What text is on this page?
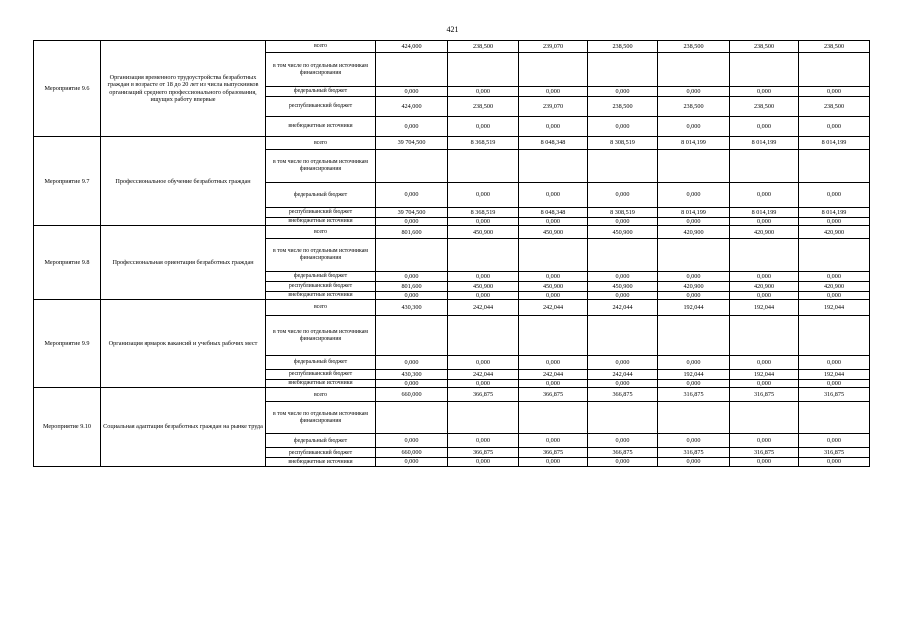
421
Мероприятие 9.6	Организация временного трудоустройства безработных граждан в возрасте от 18 до 20 лет из числа выпускников организаций среднего профессионального образования, ищущих работу впервые	всего	424,000	238,500	239,070	238,500	238,500	238,500	238,500
		в том числе по отдельным источникам финансирования							
		федеральный бюджет	0,000	0,000	0,000	0,000	0,000	0,000	0,000
		республиканский бюджет	424,000	238,500	239,070	238,500	238,500	238,500	238,500
		внебюджетные источники	0,000	0,000	0,000	0,000	0,000	0,000	0,000
Мероприятие 9.7	Профессиональное обучение безработных граждан	всего	39 704,500	8 368,519	8 048,348	8 308,519	8 014,199	8 014,199	8 014,199
		в том числе по отдельным источникам финансирования							
		федеральный бюджет	0,000	0,000	0,000	0,000	0,000	0,000	0,000
		республиканский бюджет	39 704,500	8 368,519	8 048,348	8 308,519	8 014,199	8 014,199	8 014,199
		внебюджетные источники	0,000	0,000	0,000	0,000	0,000	0,000	0,000
Мероприятие 9.8	Профессиональная ориентация безработных граждан	всего	801,600	450,900	450,900	450,900	420,900	420,900	420,900
		в том числе по отдельным источникам финансирования							
		федеральный бюджет	0,000	0,000	0,000	0,000	0,000	0,000	0,000
		республиканский бюджет	801,600	450,900	450,900	450,900	420,900	420,900	420,900
		внебюджетные источники	0,000	0,000	0,000	0,000	0,000	0,000	0,000
Мероприятие 9.9	Организация ярмарок вакансий и учебных рабочих мест	всего	430,300	242,044	242,044	242,044	192,044	192,044	192,044
		в том числе по отдельным источникам финансирования							
		федеральный бюджет	0,000	0,000	0,000	0,000	0,000	0,000	0,000
		республиканский бюджет	430,300	242,044	242,044	242,044	192,044	192,044	192,044
		внебюджетные источники	0,000	0,000	0,000	0,000	0,000	0,000	0,000
Мероприятие 9.10	Социальная адаптация безработных граждан на рынке труда	всего	660,000	366,875	366,875	366,875	316,875	316,875	316,875
		в том числе по отдельным источникам финансирования							
		федеральный бюджет	0,000	0,000	0,000	0,000	0,000	0,000	0,000
		республиканский бюджет	660,000	366,875	366,875	366,875	316,875	316,875	316,875
		внебюджетные источники	0,000	0,000	0,000	0,000	0,000	0,000	0,000
